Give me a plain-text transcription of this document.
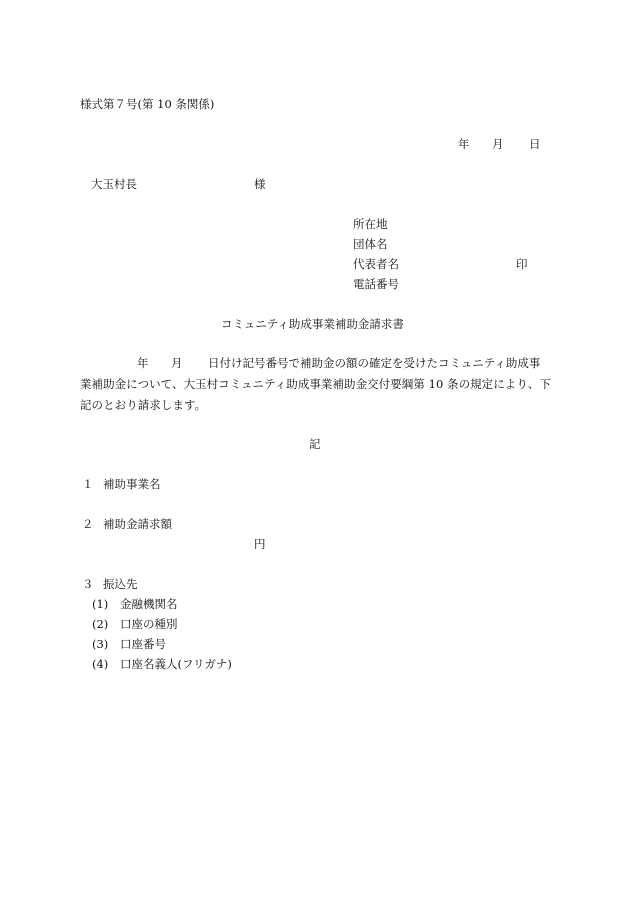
様式第７号(第 10 条関係)
年 月 日
大玉村長	様
所在地
団体名
代表者名	印
電話番号
コミュニティ助成事業補助金請求書
年 月 日付け記号番号で補助金の額の確定を受けたコミュニティ助成事
業補助金について、大玉村コミュニティ助成事業補助金交付要綱第 10 条の規定により、下
記のとおり請求します。
記
１ 補助事業名
２ 補助金請求額
円
３ 振込先
(1) 金融機関名
(2) 口座の種別
(3) 口座番号
(4) 口座名義人(フリガナ)
